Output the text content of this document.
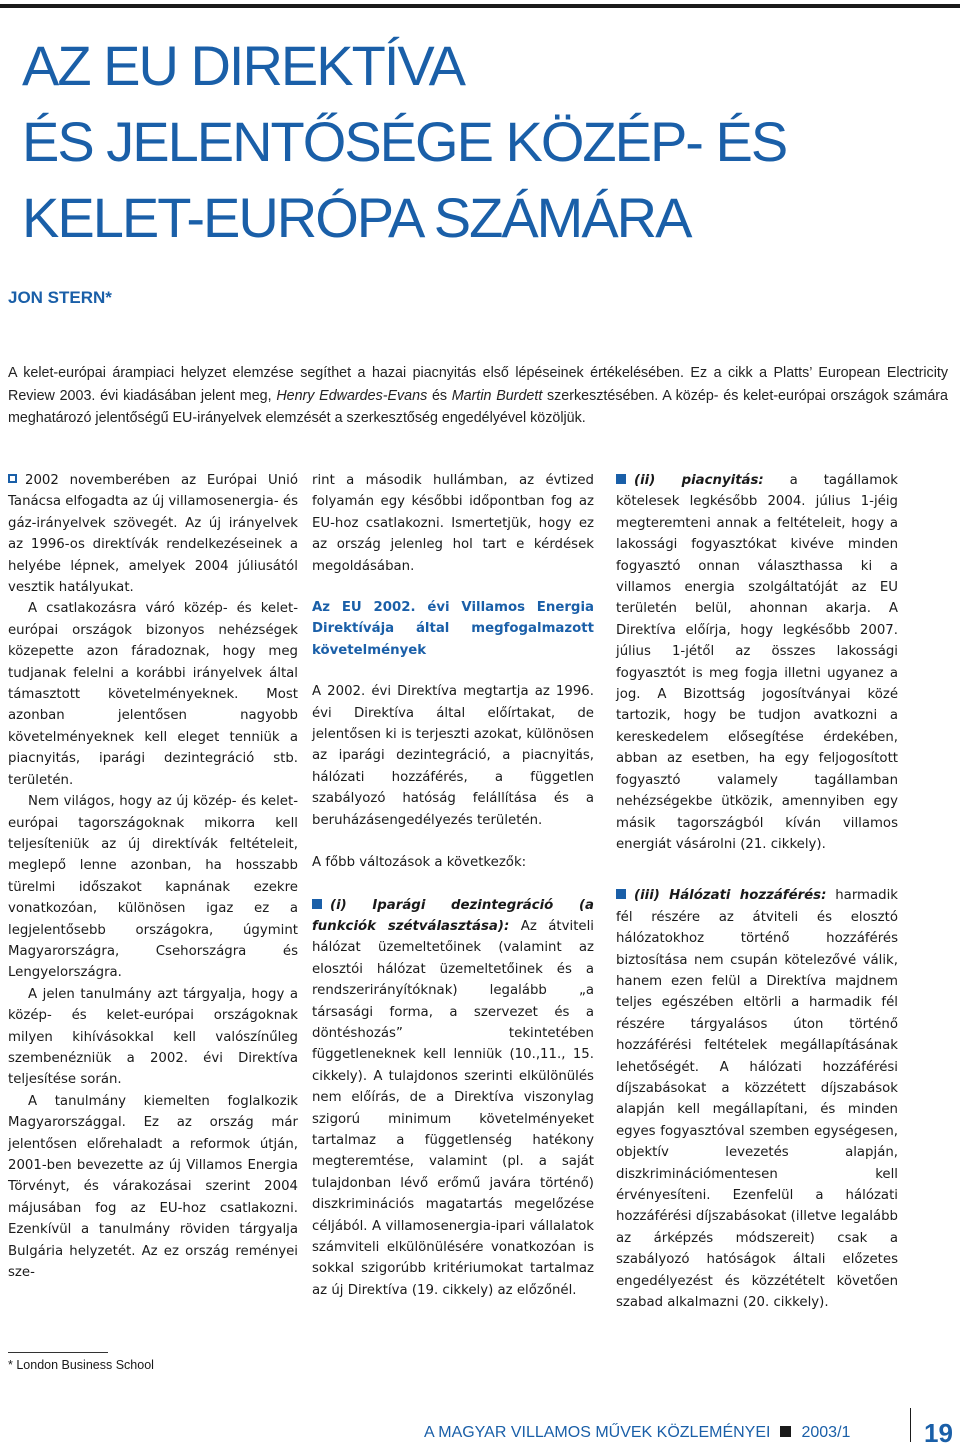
AZ EU DIREKTÍVA
ÉS JELENTŐSÉGE KÖZÉP- ÉS
KELET-EURÓPA SZÁMÁRA
JON STERN*
A kelet-európai árampiaci helyzet elemzése segíthet a hazai piacnyitás első lépéseinek értékelésében. Ez a cikk a Platts’ European Electricity Review 2003. évi kiadásában jelent meg, Henry Edwardes-Evans és Martin Burdett szerkesztésében. A közép- és kelet-európai országok számára meghatározó jelentőségű EU-irányelvek elemzését a szerkesztőség engedélyével közöljük.

2002 novemberében az Európai Unió Tanácsa elfogadta az új villamosenergia- és gáz-irányelvek szövegét. Az új irányelvek az 1996-os direktívák rendelkezéseinek a helyébe lépnek, amelyek 2004 júliusától vesztik hatályukat.

A csatlakozásra váró közép- és kelet-európai országok bizonyos nehézségek közepette azon fáradoznak, hogy meg tudjanak felelni a korábbi irányelvek által támasztott követelményeknek. Most azonban jelentősen nagyobb követelményeknek kell eleget tenniük a piacnyitás, iparági dezintegráció stb. területén.

Nem világos, hogy az új közép- és kelet-európai tagországoknak mikorra kell teljesíteniük az új direktívák feltételeit, meglepő lenne azonban, ha hosszabb türelmi időszakot kapnának ezekre vonatkozóan, különösen igaz ez a legjelentősebb országokra, úgymint Magyarországra, Csehországra és Lengyelországra.

A jelen tanulmány azt tárgyalja, hogy a közép- és kelet-európai országoknak milyen kihívásokkal kell valószínűleg szembenézniük a 2002. évi Direktíva teljesítése során.

A tanulmány kiemelten foglalkozik Magyarországgal. Ez az ország már jelentősen előrehaladt a reformok útján, 2001-ben bevezette az új Villamos Energia Törvényt, és várakozásai szerint 2004 májusában fog az EU-hoz csatlakozni. Ezenkívül a tanulmány röviden tárgyalja Bulgária helyzetét. Az ez ország reményei sze-

rint a második hullámban, az évtized folyamán egy későbbi időpontban fog az EU-hoz csatlakozni. Ismertetjük, hogy ez az ország jelenleg hol tart e kérdések megoldásában.

Az EU 2002. évi Villamos Energia Direktívája által megfogalmazott követelmények

A 2002. évi Direktíva megtartja az 1996. évi Direktíva által előírtakat, de jelentősen ki is terjeszti azokat, különösen az iparági dezintegráció, a piacnyitás, hálózati hozzáférés, a független szabályozó hatóság felállítása és a beruházásengedélyezés területén.

A főbb változások a következők:

(i) Iparági dezintegráció (a funkciók szétválasztása): Az átviteli hálózat üzemeltetőinek (valamint az elosztói hálózat üzemeltetőinek és a rendszerirányítóknak) legalább „a társasági forma, a szervezet és a döntéshozás” tekintetében függetleneknek kell lenniük (10.,11., 15. cikkely). A tulajdonos szerinti elkülönülés nem előírás, de a Direktíva viszonylag szigorú minimum követelményeket tartalmaz a függetlenség hatékony megteremtése, valamint (pl. a saját tulajdonban lévő erőmű javára történő) diszkriminációs magatartás megelőzése céljából. A villamosenergia-ipari vállalatok számviteli elkülönülésére vonatkozóan is sokkal szigorúbb kritériumokat tartalmaz az új Direktíva (19. cikkely) az előzőnél.

(ii) piacnyitás: a tagállamok kötelesek legkésőbb 2004. július 1-jéig megteremteni annak a feltételeit, hogy a lakossági fogyasztókat kivéve minden fogyasztó onnan választhassa ki a villamos energia szolgáltatóját az EU területén belül, ahonnan akarja. A Direktíva előírja, hogy legkésőbb 2007. július 1-jétől az összes lakossági fogyasztót is meg fogja illetni ugyanez a jog. A Bizottság jogosítványai közé tartozik, hogy be tudjon avatkozni a kereskedelem elősegítése érdekében, abban az esetben, ha egy feljogosított fogyasztó valamely tagállamban nehézségekbe ütközik, amennyiben egy másik tagországból kíván villamos energiát vásárolni (21. cikkely).

(iii) Hálózati hozzáférés: harmadik fél részére az átviteli és elosztó hálózatokhoz történő hozzáférés biztosítása nem csupán kötelezővé válik, hanem ezen felül a Direktíva majdnem teljes egészében eltörli a harmadik fél részére tárgyalásos úton történő hozzáférési feltételek megállapításának lehetőségét. A hálózati hozzáférési díjszabásokat a közzétett díjszabások alapján kell megállapítani, és minden egyes fogyasztóval szemben egységesen, objektív levezetés alapján, diszkriminációmentesen kell érvényesíteni. Ezenfelül a hálózati hozzáférési díjszabásokat (illetve legalább az árképzés módszereit) csak a szabályozó hatóságok általi előzetes engedélyezést és közzétételt követően szabad alkalmazni (20. cikkely).

* London Business School
A MAGYAR VILLAMOS MŰVEK KÖZLEMÉNYEI 2003/1	19
